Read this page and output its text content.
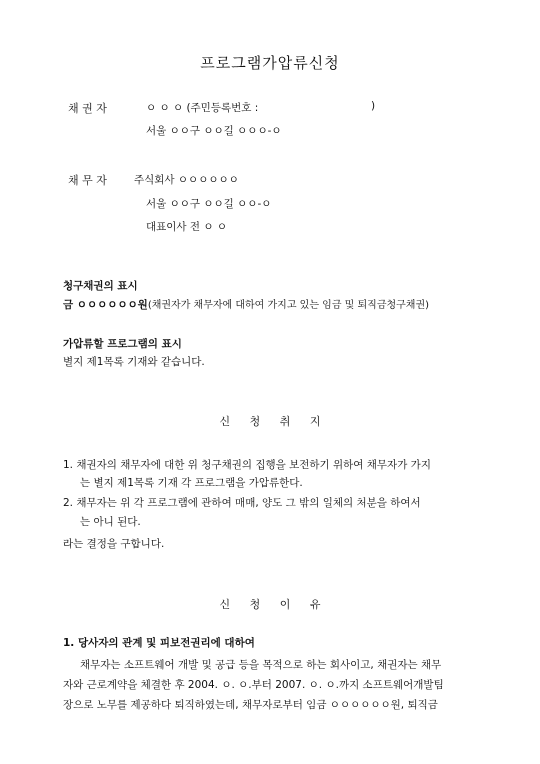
프로그램가압류신청
채 권 자	ㅇ ㅇ ㅇ (주민등록번호 :	)
서울 ㅇㅇ구 ㅇㅇ길 ㅇㅇㅇ-ㅇ
채 무 자	주식회사 ㅇㅇㅇㅇㅇㅇ
서울 ㅇㅇ구 ㅇㅇ길 ㅇㅇ-ㅇ
대표이사 전 ㅇ ㅇ
청구채권의 표시
금 ㅇㅇㅇㅇㅇㅇ원(채권자가 채무자에 대하여 가지고 있는 임금 및 퇴직금청구채권)
가압류할 프로그램의 표시
별지 제1목록 기재와 같습니다.
신 청 취 지
1. 채권자의 채무자에 대한 위 청구채권의 집행을 보전하기 위하여 채무자가 가지
는 별지 제1목록 기재 각 프로그램을 가압류한다.
2. 채무자는 위 각 프로그램에 관하여 매매, 양도 그 밖의 일체의 처분을 하여서
는 아니 된다.
라는 결정을 구합니다.
신 청 이 유
1. 당사자의 관계 및 피보전권리에 대하여
채무자는 소프트웨어 개발 및 공급 등을 목적으로 하는 회사이고, 채권자는 채무
자와 근로계약을 체결한 후 2004. ㅇ. ㅇ.부터 2007. ㅇ. ㅇ.까지 소프트웨어개발팀
장으로 노무를 제공하다 퇴직하였는데, 채무자로부터 임금 ㅇㅇㅇㅇㅇㅇ원, 퇴직금
